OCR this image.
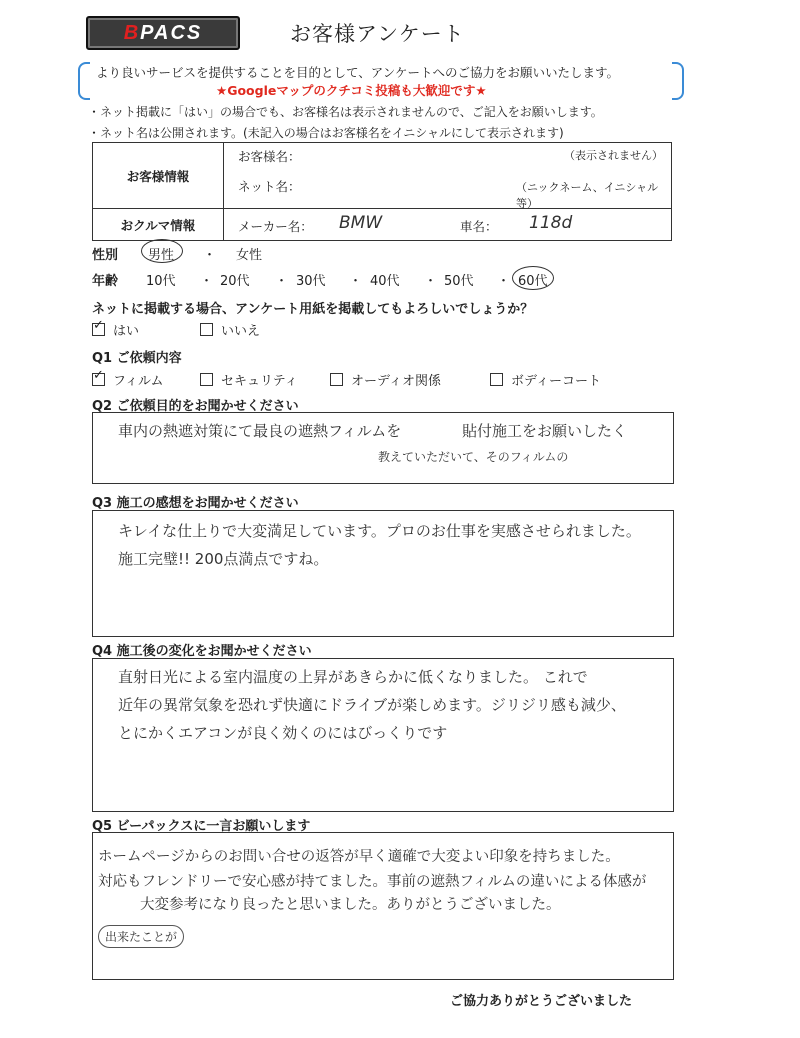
B PACS	お客様アンケート
より良いサービスを提供することを目的として、アンケートへのご協力をお願いいたします。
★Googleマップのクチコミ投稿も大歓迎です★
・ネット掲載に「はい」の場合でも、お客様名は表示されませんので、ご記入をお願いします。
・ネット名は公開されます。(未記入の場合はお客様名をイニシャルにして表示されます)
お客様情報	お客様名： （表示されません）
ネット名： （ニックネーム、イニシャル等）

おクルマ情報	メーカー名： BMW 車名： 118d
性別 男性 ・ 女性
年齢 10代 ・ 20代 ・ 30代 ・ 40代 ・ 50代 ・ 60代
ネットに掲載する場合、アンケート用紙を掲載してもよろしいでしょうか？
✓はい	いいえ
Q1 ご依頼内容
✓フィルム	セキュリティ	オーディオ関係	ボディーコート
Q2 ご依頼目的をお聞かせください
車内の熱遮対策にて最良の遮熱フィルムを	貼付施工をお願いしたく
教えていただいて、そのフィルムの
Q3 施工の感想をお聞かせください
キレイな仕上りで大変満足しています。プロのお仕事を実感させられました。
施工完璧!! 200点満点ですね。
Q4 施工後の変化をお聞かせください
直射日光による室内温度の上昇があきらかに低くなりました。 これで
近年の異常気象を恐れず快適にドライブが楽しめます。ジリジリ感も減少、
とにかくエアコンが良く効くのにはびっくりです
Q5 ビーパックスに一言お願いします
ホームページからのお問い合せの返答が早く適確で大変よい印象を持ちました。
対応もフレンドリーで安心感が持てました。事前の遮熱フィルムの違いによる体感が
大変参考になり良ったと思いました。ありがとうございました。
出来たことが
ご協力ありがとうございました
